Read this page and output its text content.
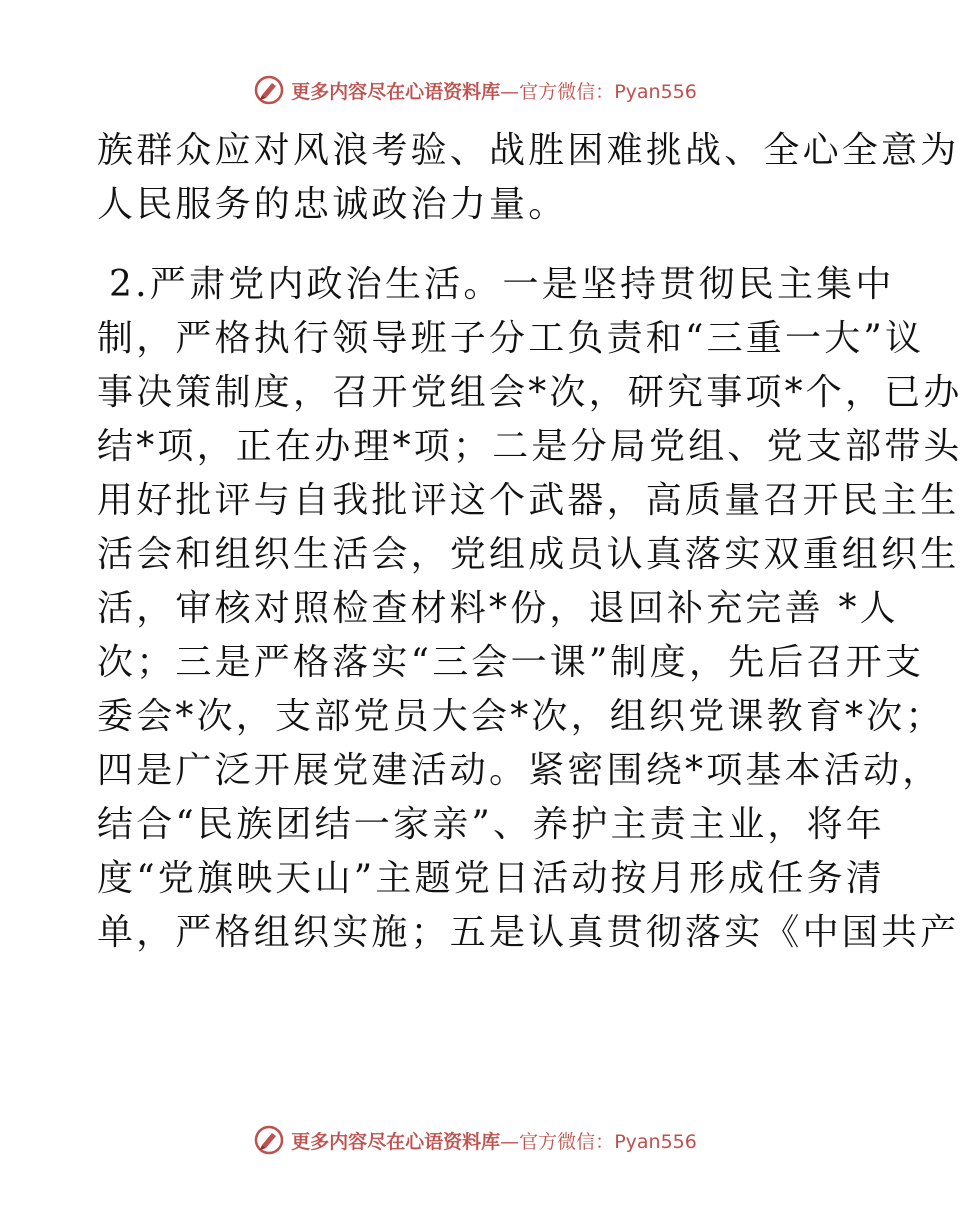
更多内容尽在心语资料库—官方微信：Pyan556
族群众应对风浪考验、战胜困难挑战、全心全意为
人民服务的忠诚政治力量。
2.严肃党内政治生活。一是坚持贯彻民主集中
制，严格执行领导班子分工负责和“三重一大”议
事决策制度，召开党组会*次，研究事项*个，已办
结*项，正在办理*项；二是分局党组、党支部带头
用好批评与自我批评这个武器，高质量召开民主生
活会和组织生活会，党组成员认真落实双重组织生
活，审核对照检查材料*份，退回补充完善 *人
次；三是严格落实“三会一课”制度，先后召开支
委会*次，支部党员大会*次，组织党课教育*次；
四是广泛开展党建活动。紧密围绕*项基本活动，
结合“民族团结一家亲”、养护主责主业，将年
度“党旗映天山”主题党日活动按月形成任务清
单，严格组织实施；五是认真贯彻落实《中国共产
更多内容尽在心语资料库—官方微信：Pyan556
